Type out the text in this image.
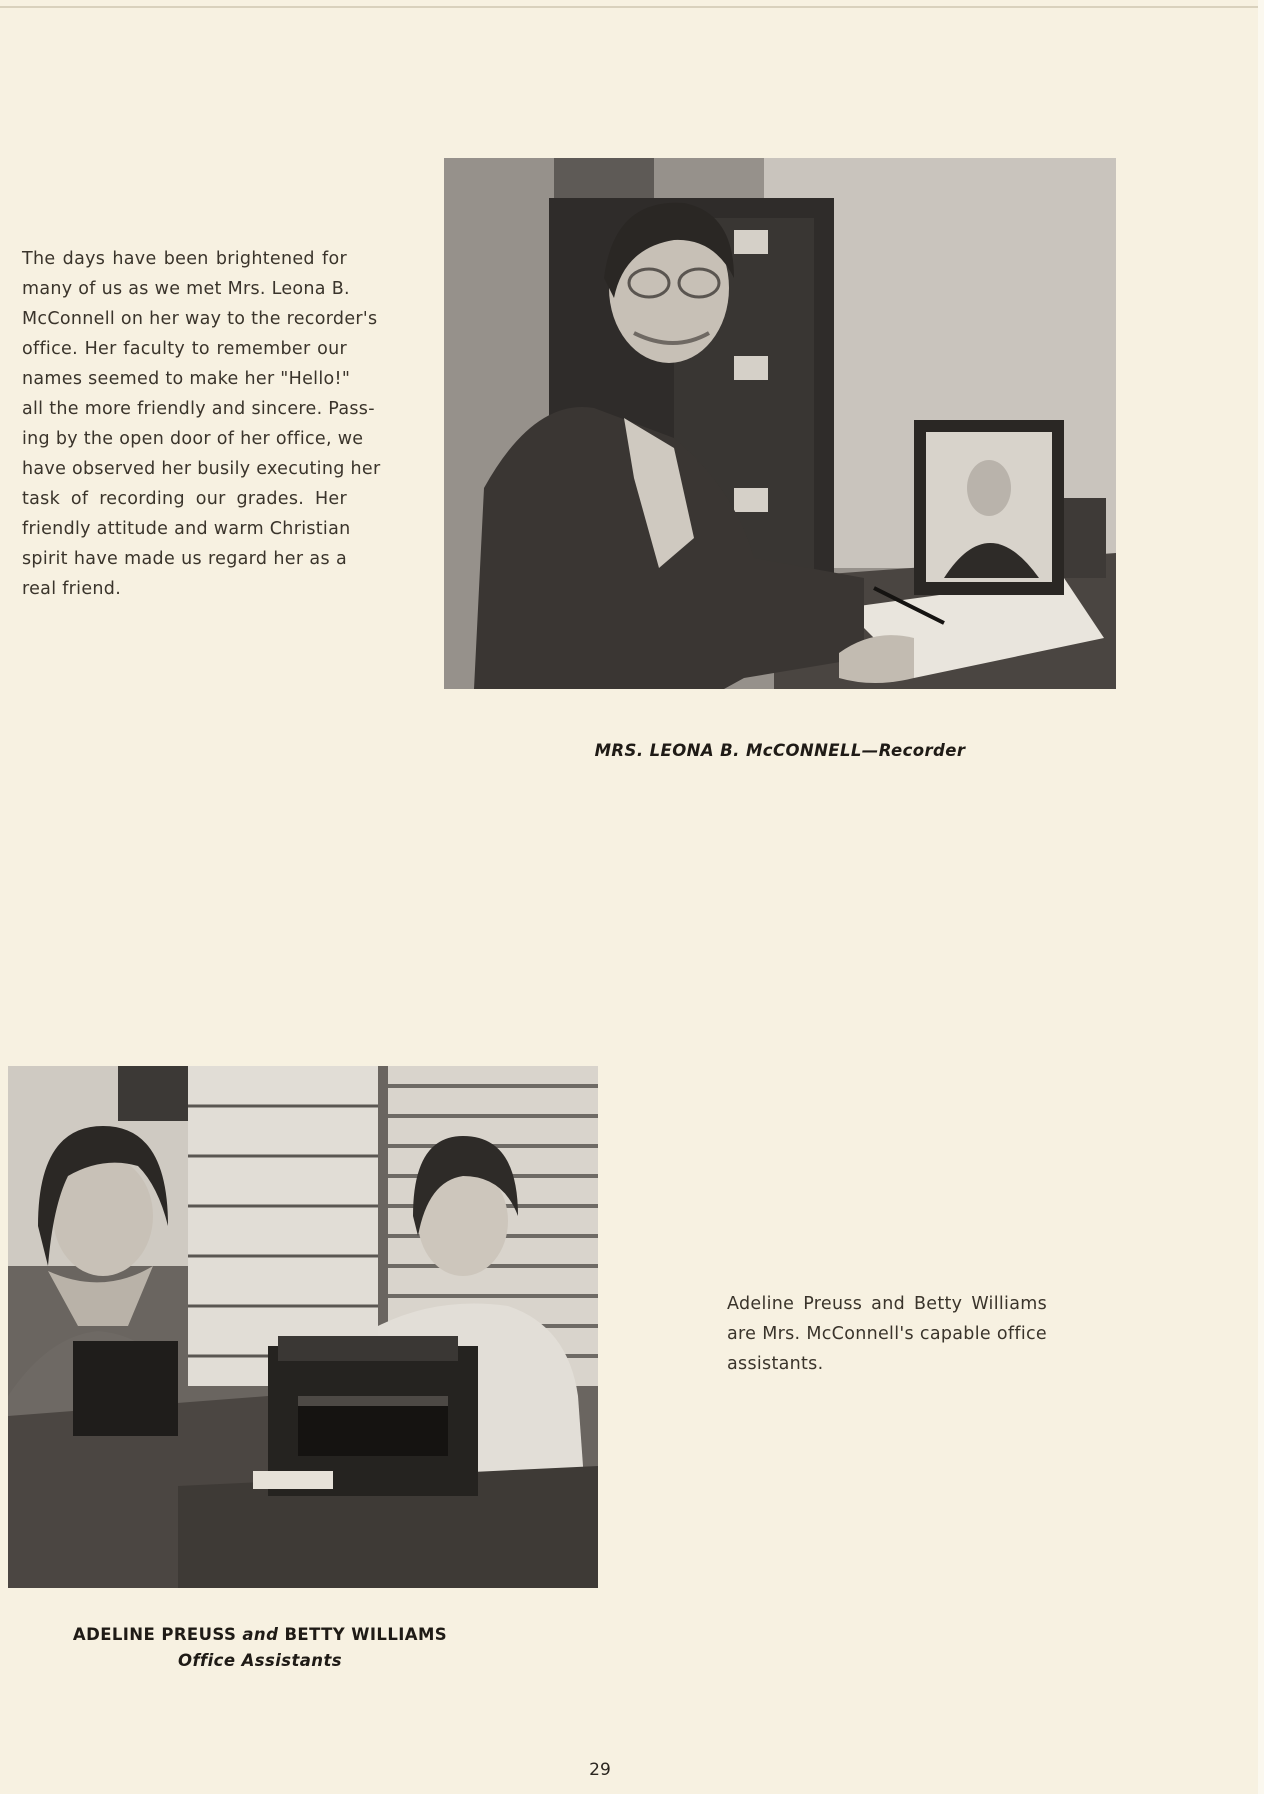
The days have been brightened for
many of us as we met Mrs. Leona B.
McConnell on her way to the recorder's
office. Her faculty to remember our
names seemed to make her "Hello!"
all the more friendly and sincere. Pass-
ing by the open door of her office, we
have observed her busily executing her
task of recording our grades. Her
friendly attitude and warm Christian
spirit have made us regard her as a
real friend.
MRS. LEONA B. McCONNELL—Recorder
Adeline Preuss and Betty Williams
are Mrs. McConnell's capable office
assistants.
ADELINE PREUSS and BETTY WILLIAMS
Office Assistants
29
